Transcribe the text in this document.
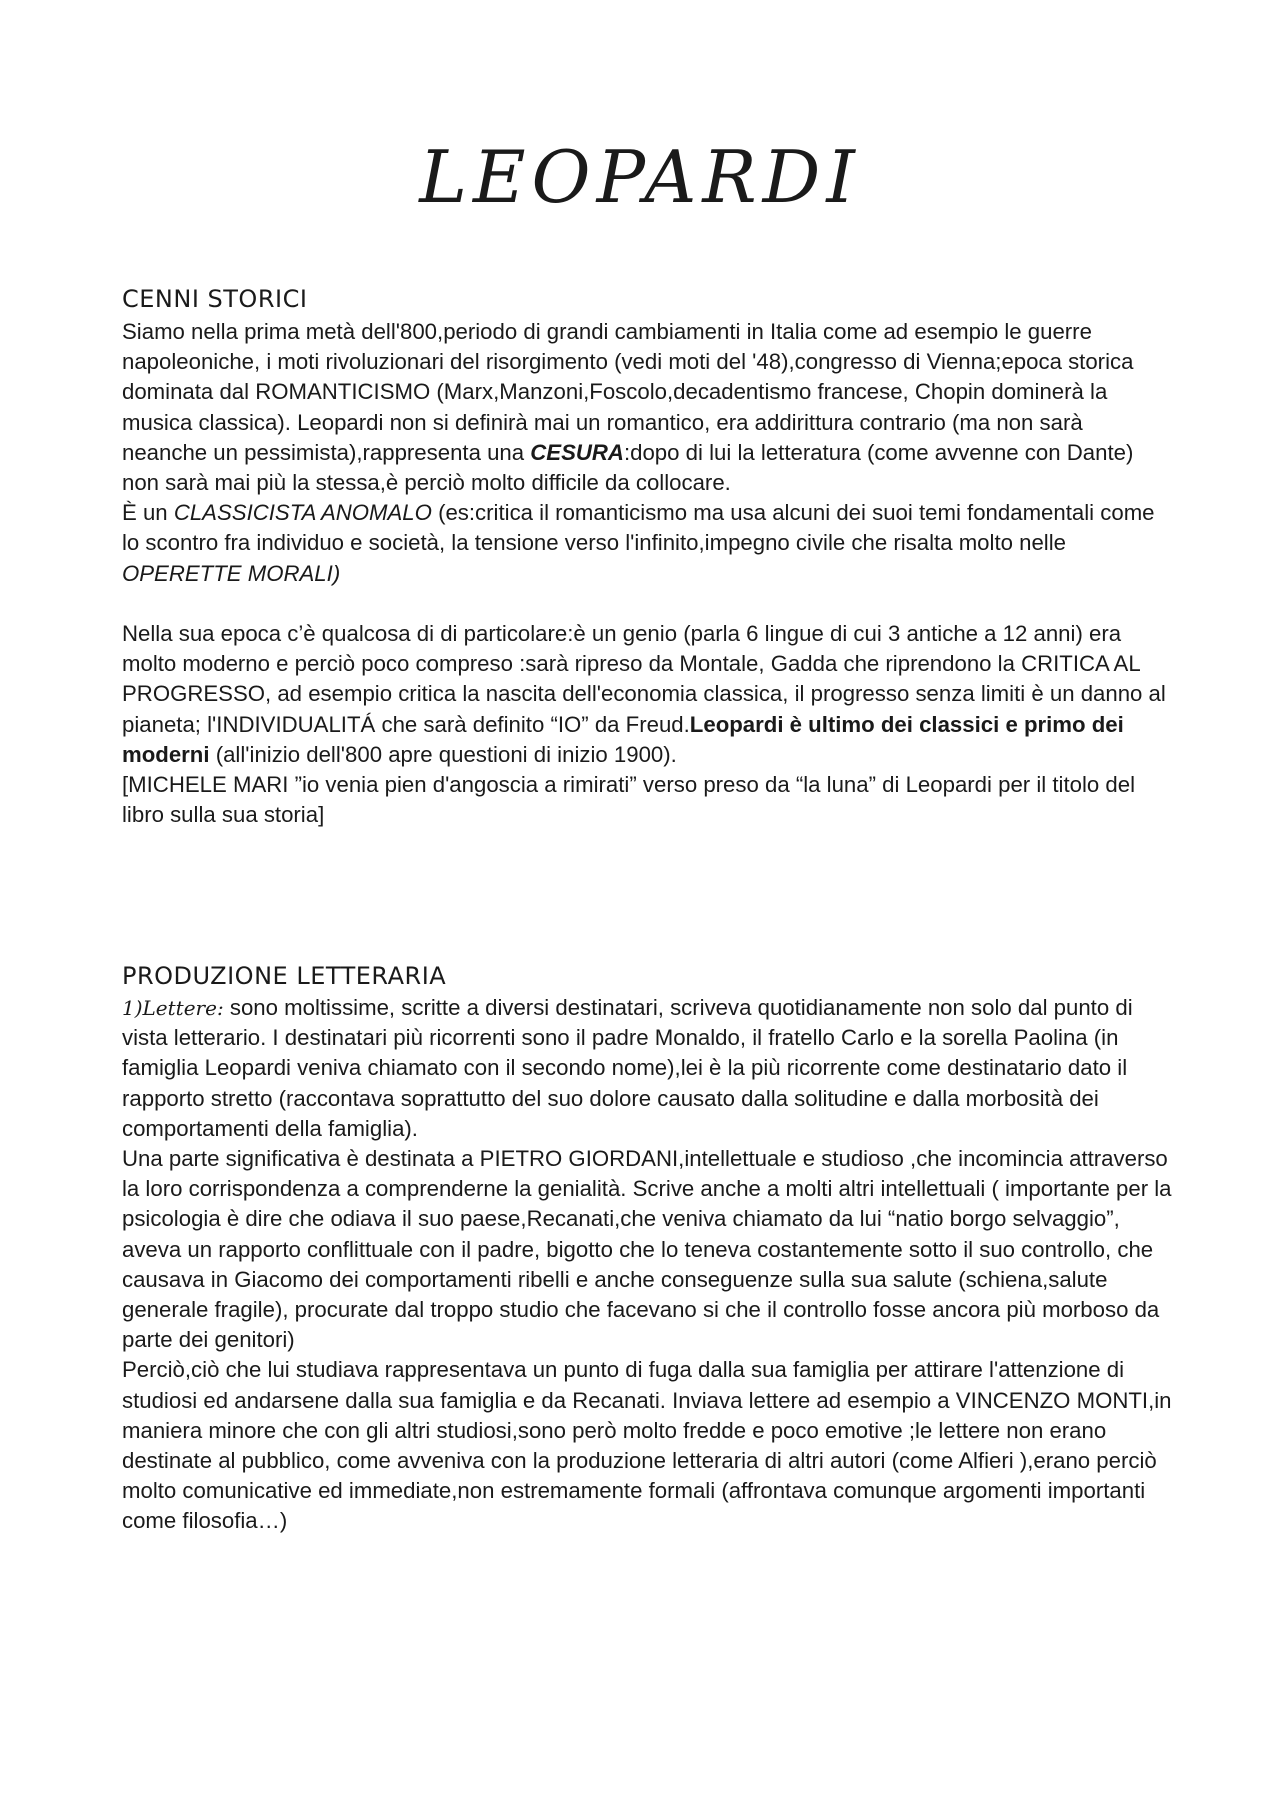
LEOPARDI
CENNI STORICI

Siamo nella prima metà dell'800,periodo di grandi cambiamenti in Italia come ad esempio le guerre napoleoniche, i moti rivoluzionari del risorgimento (vedi moti del '48),congresso di Vienna;epoca storica dominata dal ROMANTICISMO (Marx,Manzoni,Foscolo,decadentismo francese, Chopin dominerà la musica classica). Leopardi non si definirà mai un romantico, era addirittura contrario (ma non sarà neanche un pessimista),rappresenta una CESURA:dopo di lui la letteratura (come avvenne con Dante) non sarà mai più la stessa,è perciò molto difficile da collocare.

È un CLASSICISTA ANOMALO (es:critica il romanticismo ma usa alcuni dei suoi temi fondamentali come lo scontro fra individuo e società, la tensione verso l'infinito,impegno civile che risalta molto nelle OPERETTE MORALI)

Nella sua epoca c’è qualcosa di di particolare:è un genio (parla 6 lingue di cui 3 antiche a 12 anni) era molto moderno e perciò poco compreso :sarà ripreso da Montale, Gadda che riprendono la CRITICA AL PROGRESSO, ad esempio critica la nascita dell'economia classica, il progresso senza limiti è un danno al pianeta; l'INDIVIDUALITÁ che sarà definito “IO” da Freud.Leopardi è ultimo dei classici e primo dei moderni (all'inizio dell'800 apre questioni di inizio 1900).

[MICHELE MARI ”io venia pien d'angoscia a rimirati” verso preso da “la luna” di Leopardi per il titolo del libro sulla sua storia]

PRODUZIONE LETTERARIA

1)Lettere: sono moltissime, scritte a diversi destinatari, scriveva quotidianamente non solo dal punto di vista letterario. I destinatari più ricorrenti sono il padre Monaldo, il fratello Carlo e la sorella Paolina (in famiglia Leopardi veniva chiamato con il secondo nome),lei è la più ricorrente come destinatario dato il rapporto stretto (raccontava soprattutto del suo dolore causato dalla solitudine e dalla morbosità dei comportamenti della famiglia).

Una parte significativa è destinata a PIETRO GIORDANI,intellettuale e studioso ,che incomincia attraverso la loro corrispondenza a comprenderne la genialità. Scrive anche a molti altri intellettuali ( importante per la psicologia è dire che odiava il suo paese,Recanati,che veniva chiamato da lui “natio borgo selvaggio”, aveva un rapporto conflittuale con il padre, bigotto che lo teneva costantemente sotto il suo controllo, che causava in Giacomo dei comportamenti ribelli e anche conseguenze sulla sua salute (schiena,salute generale fragile), procurate dal troppo studio che facevano si che il controllo fosse ancora più morboso da parte dei genitori)

Perciò,ciò che lui studiava rappresentava un punto di fuga dalla sua famiglia per attirare l'attenzione di studiosi ed andarsene dalla sua famiglia e da Recanati. Inviava lettere ad esempio a VINCENZO MONTI,in maniera minore che con gli altri studiosi,sono però molto fredde e poco emotive ;le lettere non erano destinate al pubblico, come avveniva con la produzione letteraria di altri autori (come Alfieri ),erano perciò molto comunicative ed immediate,non estremamente formali (affrontava comunque argomenti importanti come filosofia…)
